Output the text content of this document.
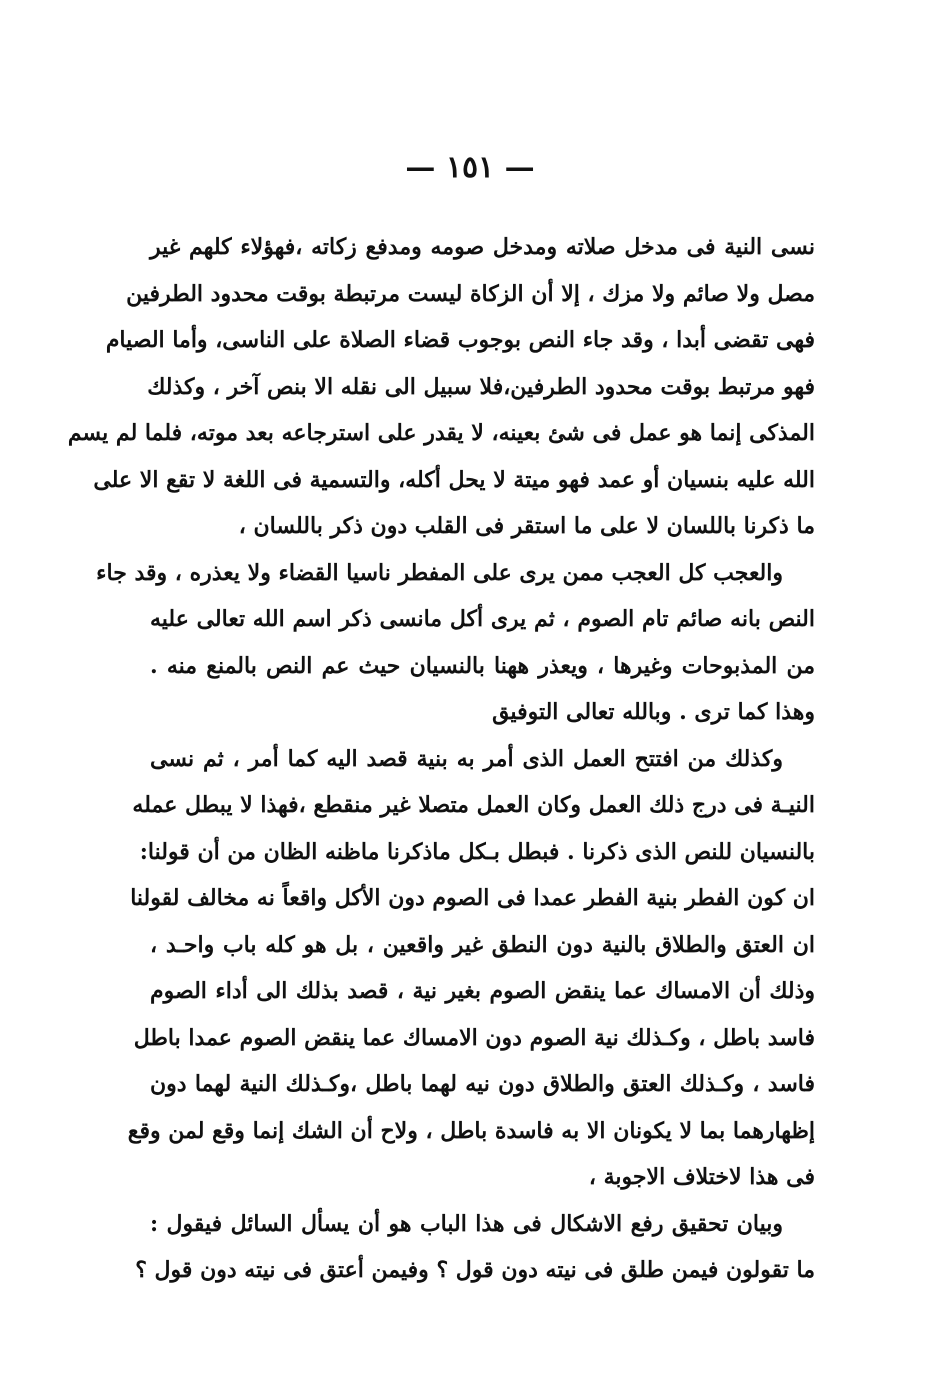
— ١٥١ —
نسى النية فى مدخل صلاته ومدخل صومه ومدفع زكاته ،فهؤلاء كلهم غير
مصل ولا صائم ولا مزك ، إلا أن الزكاة ليست مرتبطة بوقت محدود الطرفين
فهى تقضى أبدا ، وقد جاء النص بوجوب قضاء الصلاة على الناسى، وأما الصيام
فهو مرتبط بوقت محدود الطرفين،فلا سبيل الى نقله الا بنص آخر ، وكذلك
المذكى إنما هو عمل فى شئ بعينه، لا يقدر على استرجاعه بعد موته، فلما لم يسم
الله عليه بنسيان أو عمد فهو ميتة لا يحل أكله، والتسمية فى اللغة لا تقع الا على
ما ذكرنا باللسان لا على ما استقر فى القلب دون ذكر باللسان ،
والعجب كل العجب ممن يرى على المفطر ناسيا القضاء ولا يعذره ، وقد جاء
النص بانه صائم تام الصوم ، ثم يرى أكل مانسى ذكر اسم الله تعالى عليه
من المذبوحات وغيرها ، ويعذر ههنا بالنسيان حيث عم النص بالمنع منه .
وهذا كما ترى . وبالله تعالى التوفيق
وكذلك من افتتح العمل الذى أمر به بنية قصد اليه كما أمر ، ثم نسى
النيـة فى درج ذلك العمل وكان العمل متصلا غير منقطع ،فهذا لا يبطل عمله
بالنسيان للنص الذى ذكرنا . فبطل بـكل ماذكرنا ماظنه الظان من أن قولنا:
ان كون الفطر بنية الفطر عمدا فى الصوم دون الأكل واقعاً نه مخالف لقولنا
ان العتق والطلاق بالنية دون النطق غير واقعين ، بل هو كله باب واحـد ،
وذلك أن الامساك عما ينقض الصوم بغير نية ، قصد بذلك الى أداء الصوم
فاسد باطل ، وكـذلك نية الصوم دون الامساك عما ينقض الصوم عمدا باطل
فاسد ، وكـذلك العتق والطلاق دون نيه لهما باطل ،وكـذلك النية لهما دون
إظهارهما بما لا يكونان الا به فاسدة باطل ، ولاح أن الشك إنما وقع لمن وقع
فى هذا لاختلاف الاجوبة ،
وبيان تحقيق رفع الاشكال فى هذا الباب هو أن يسأل السائل فيقول :
ما تقولون فيمن طلق فى نيته دون قول ؟ وفيمن أعتق فى نيته دون قول ؟
